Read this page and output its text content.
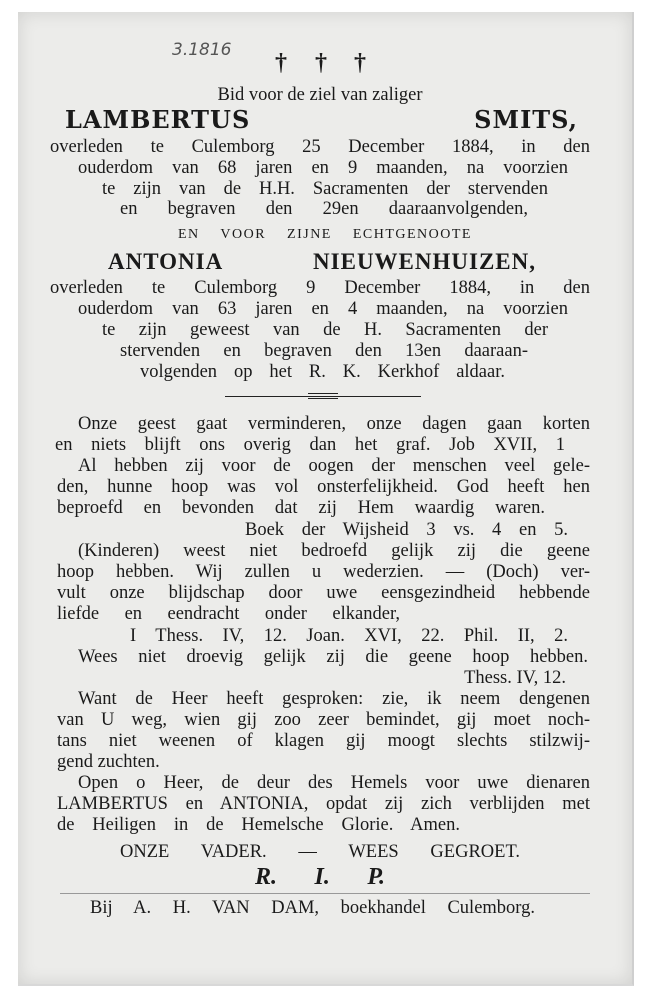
3.1816 † † †
Bid voor de ziel van zaliger
LAMBERTUS SMITS,
overleden te Culemborg 25 December 1884, in den
ouderdom van 68 jaren en 9 maanden, na voorzien
te zijn van de H.H. Sacramenten der stervenden
en begraven den 29en daaraanvolgenden,
EN VOOR ZIJNE ECHTGENOOTE
ANTONIA NIEUWENHUIZEN,
overleden te Culemborg 9 December 1884, in den
ouderdom van 63 jaren en 4 maanden, na voorzien
te zijn geweest van de H. Sacramenten der
stervenden en begraven den 13en daaraan-
volgenden op het R. K. Kerkhof aldaar.
Onze geest gaat verminderen, onze dagen gaan korten
en niets blijft ons overig dan het graf. Job XVII, 1
Al hebben zij voor de oogen der menschen veel gele-
den, hunne hoop was vol onsterfelijkheid. God heeft hen
beproefd en bevonden dat zij Hem waardig waren.
Boek der Wijsheid 3 vs. 4 en 5.
(Kinderen) weest niet bedroefd gelijk zij die geene
hoop hebben. Wij zullen u wederzien. — (Doch) ver-
vult onze blijdschap door uwe eensgezindheid hebbende
liefde en eendracht onder elkander,
I Thess. IV, 12. Joan. XVI, 22. Phil. II, 2.
Wees niet droevig gelijk zij die geene hoop hebben.
Thess. IV, 12.
Want de Heer heeft gesproken: zie, ik neem dengenen
van U weg, wien gij zoo zeer bemindet, gij moet noch-
tans niet weenen of klagen gij moogt slechts stilzwij-
gend zuchten.
Open o Heer, de deur des Hemels voor uwe dienaren
LAMBERTUS en ANTONIA, opdat zij zich verblijden met
de Heiligen in de Hemelsche Glorie. Amen.
ONZE VADER. — WEES GEGROET.
R. I. P.
Bij A. H. VAN DAM, boekhandel Culemborg.
